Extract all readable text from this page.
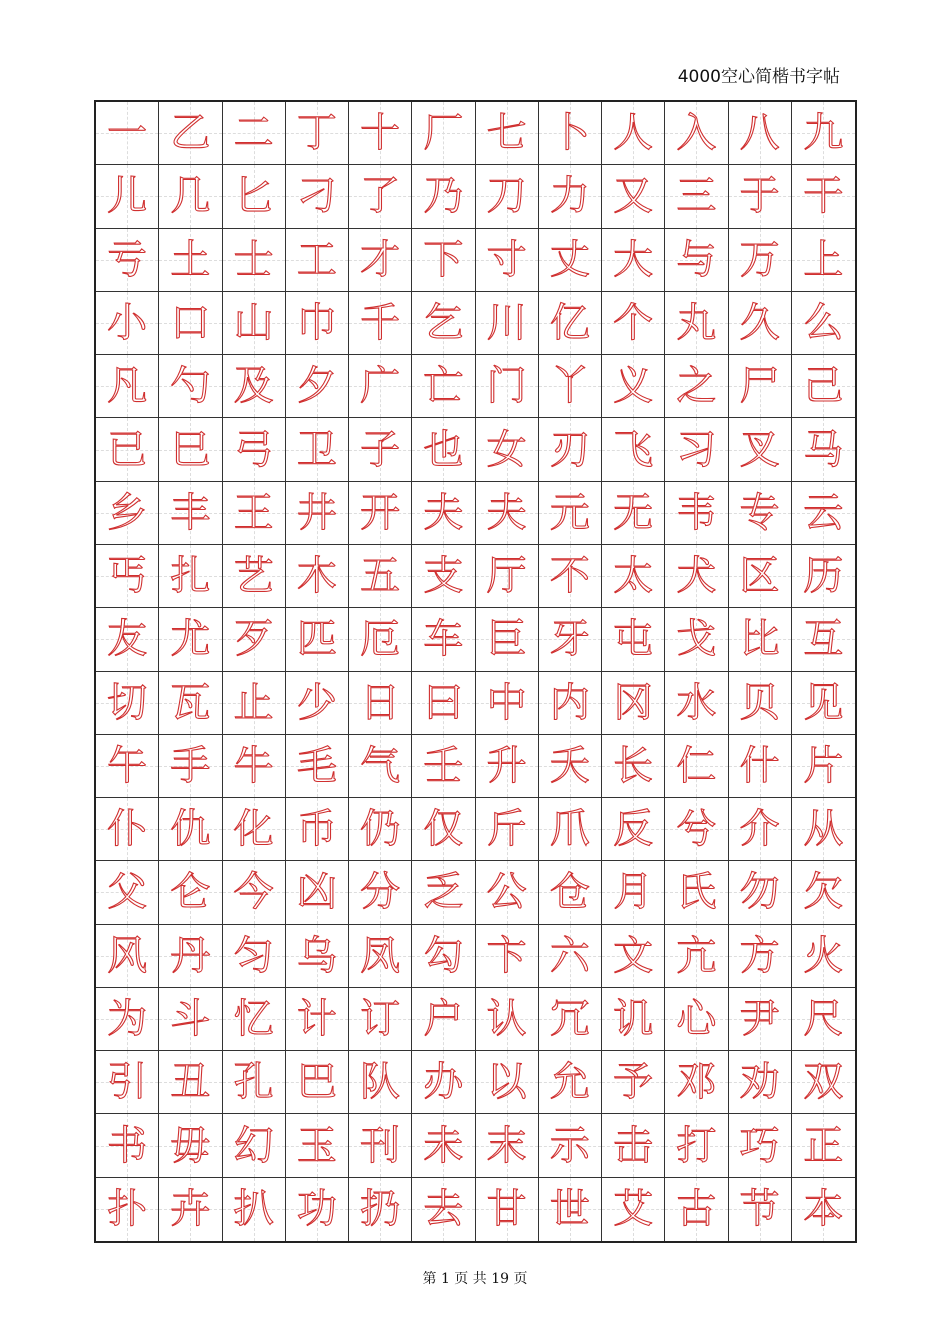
4000空心简楷书字帖
一 乙 二 丁 十 厂 七 卜 人 入 八 九
儿 几 匕 刁 了 乃 刀 力 又 三 于 干
亏 土 士 工 才 下 寸 丈 大 与 万 上
小 口 山 巾 千 乞 川 亿 个 丸 久 么
凡 勺 及 夕 广 亡 门 丫 义 之 尸 己
已 巳 弓 卫 子 也 女 刃 飞 习 叉 马
乡 丰 王 井 开 夫 夫 元 无 韦 专 云
丐 扎 艺 木 五 支 厅 不 太 犬 区 历
友 尤 歹 匹 厄 车 巨 牙 屯 戈 比 互
切 瓦 止 少 日 曰 中 内 冈 水 贝 见
午 手 牛 毛 气 壬 升 夭 长 仁 什 片
仆 仇 化 币 仍 仅 斤 爪 反 兮 介 从
父 仑 今 凶 分 乏 公 仓 月 氏 勿 欠
风 丹 匀 乌 凤 勾 卞 六 文 亢 方 火
为 斗 忆 计 订 户 认 冗 讥 心 尹 尺
引 丑 孔 巴 队 办 以 允 予 邓 劝 双
书 毋 幻 玉 刊 未 末 示 击 打 巧 正
扑 卉 扒 功 扔 去 甘 世 艾 古 节 本
第 1 页 共 19 页
